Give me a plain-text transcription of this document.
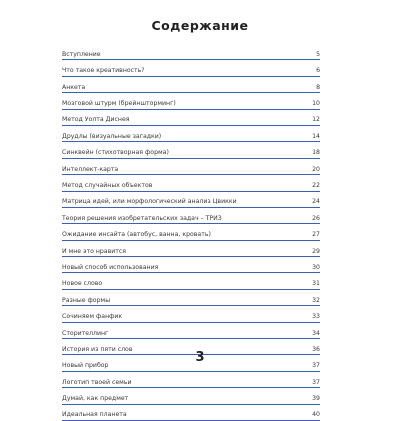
Содержание
Вступление	5
Что такое креативность?	6
Анкета	8
Мозговой штурм (брейншторминг)	10
Метод Уолта Диснея	12
Друдлы (визуальные загадки)	14
Синквейн (стихотворная форма)	18
Интеллект-карта	20
Метод случайных объектов	22
Матрица идей, или морфологический анализ Цвикки	24
Теория решения изобретательских задач – ТРИЗ	26
Ожидание инсайта (автобус, ванна, кровать)	27
И мне это нравится	29
Новый способ использования	30
Новое слово	31
Разные формы	32
Сочиняем фанфик	33
Сторителлинг	34
История из пяти слов	36
Новый прибор	37
Логотип твоей семьи	37
Думай, как предмет	39
Идеальная планета	40
3
